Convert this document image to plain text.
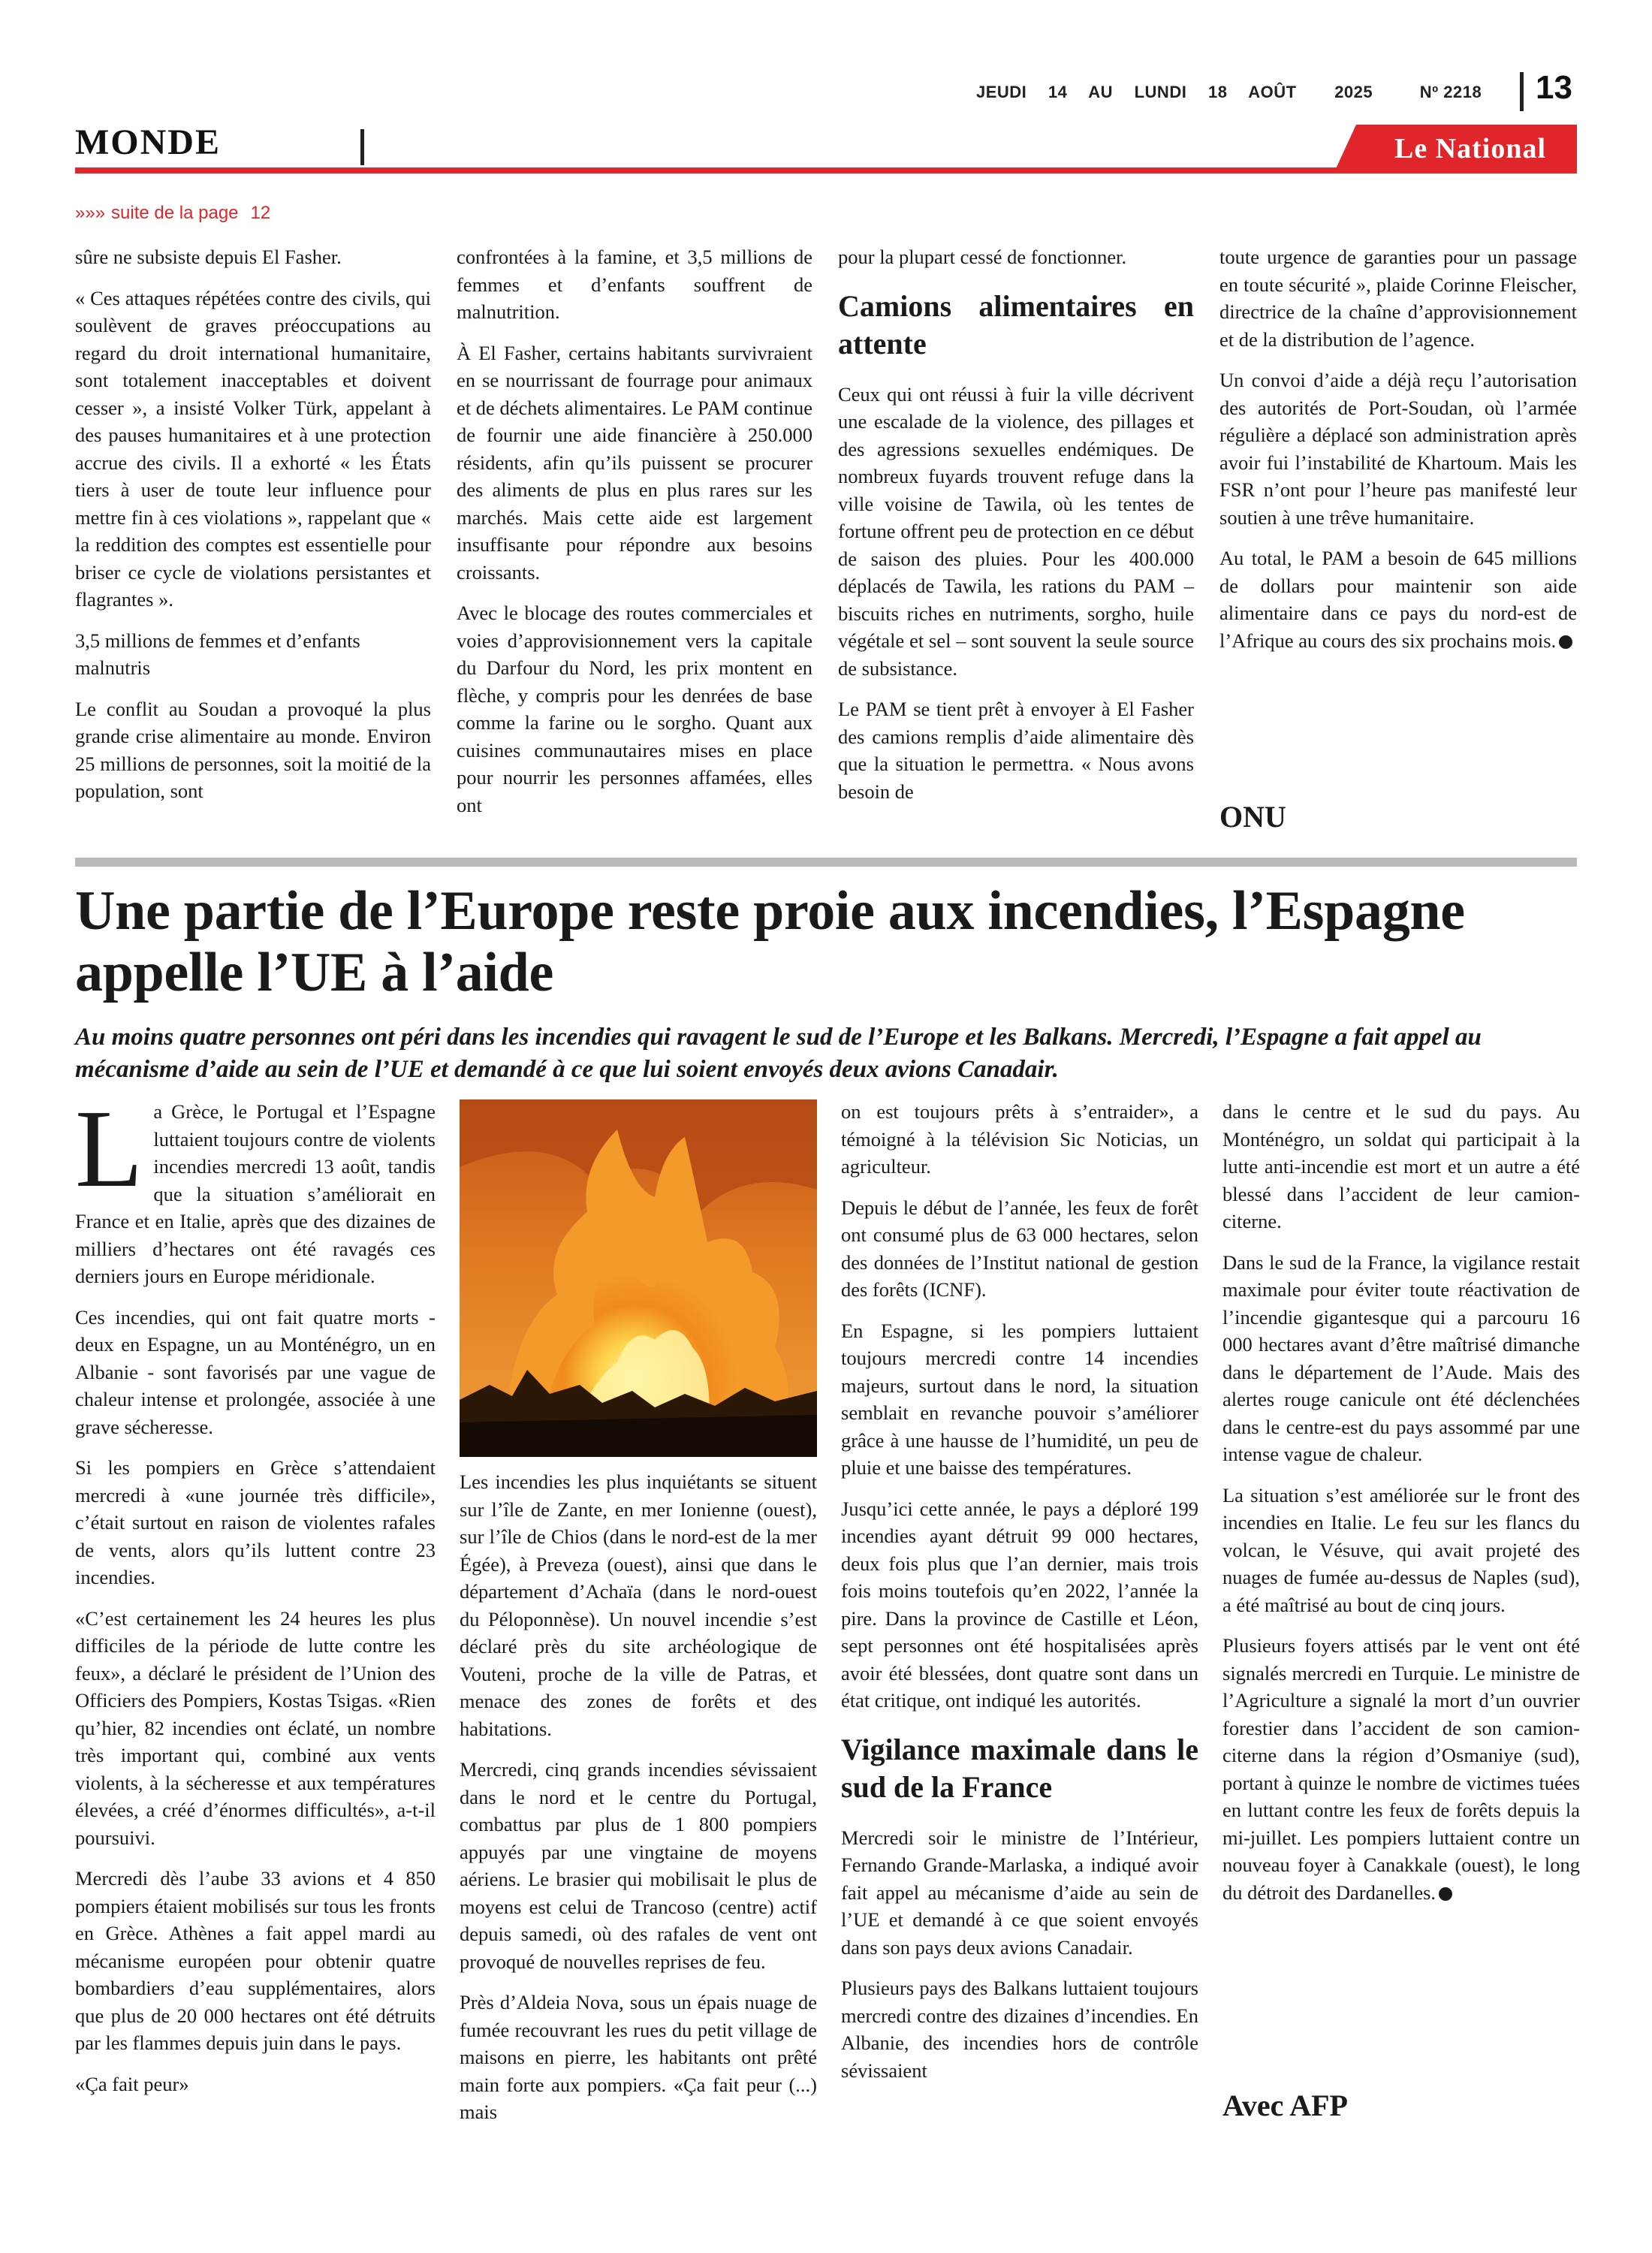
JEUDI 14 AU LUNDI 18 AOÛT 2025	Nº 2218	13
MONDE	Le National
»»» suite de la page 12

sûre ne subsiste depuis El Fasher.

« Ces attaques répétées contre des civils, qui soulèvent de graves préoccupations au regard du droit international humanitaire, sont totalement inacceptables et doivent cesser », a insisté Volker Türk, appelant à des pauses humanitaires et à une protection accrue des civils. Il a exhorté « les États tiers à user de toute leur influence pour mettre fin à ces violations », rappelant que « la reddition des comptes est essentielle pour briser ce cycle de violations persistantes et flagrantes ».

3,5 millions de femmes et d’enfants malnutris

Le conflit au Soudan a provoqué la plus grande crise alimentaire au monde. Environ 25 millions de personnes, soit la moitié de la population, sont

confrontées à la famine, et 3,5 millions de femmes et d’enfants souffrent de malnutrition.

À El Fasher, certains habitants survivraient en se nourrissant de fourrage pour animaux et de déchets alimentaires. Le PAM continue de fournir une aide financière à 250.000 résidents, afin qu’ils puissent se procurer des aliments de plus en plus rares sur les marchés. Mais cette aide est largement insuffisante pour répondre aux besoins croissants.

Avec le blocage des routes commerciales et voies d’approvisionnement vers la capitale du Darfour du Nord, les prix montent en flèche, y compris pour les denrées de base comme la farine ou le sorgho. Quant aux cuisines communautaires mises en place pour nourrir les personnes affamées, elles ont

pour la plupart cessé de fonctionner.

Camions alimentaires en attente

Ceux qui ont réussi à fuir la ville décrivent une escalade de la violence, des pillages et des agressions sexuelles endémiques. De nombreux fuyards trouvent refuge dans la ville voisine de Tawila, où les tentes de fortune offrent peu de protection en ce début de saison des pluies. Pour les 400.000 déplacés de Tawila, les rations du PAM – biscuits riches en nutriments, sorgho, huile végétale et sel – sont souvent la seule source de subsistance.

Le PAM se tient prêt à envoyer à El Fasher des camions remplis d’aide alimentaire dès que la situation le permettra. « Nous avons besoin de

toute urgence de garanties pour un passage en toute sécurité », plaide Corinne Fleischer, directrice de la chaîne d’approvisionnement et de la distribution de l’agence.

Un convoi d’aide a déjà reçu l’autorisation des autorités de Port-Soudan, où l’armée régulière a déplacé son administration après avoir fui l’instabilité de Khartoum. Mais les FSR n’ont pour l’heure pas manifesté leur soutien à une trêve humanitaire.

Au total, le PAM a besoin de 645 millions de dollars pour maintenir son aide alimentaire dans ce pays du nord-est de l’Afrique au cours des six prochains mois.

ONU
Une partie de l’Europe reste proie aux incendies, l’Espagne appelle l’UE à l’aide
Au moins quatre personnes ont péri dans les incendies qui ravagent le sud de l’Europe et les Balkans. Mercredi, l’Espagne a fait appel au mécanisme d’aide au sein de l’UE et demandé à ce que lui soient envoyés deux avions Canadair.

La Grèce, le Portugal et l’Espagne luttaient toujours contre de violents incendies mercredi 13 août, tandis que la situation s’améliorait en France et en Italie, après que des dizaines de milliers d’hectares ont été ravagés ces derniers jours en Europe méridionale.

Ces incendies, qui ont fait quatre morts - deux en Espagne, un au Monténégro, un en Albanie - sont favorisés par une vague de chaleur intense et prolongée, associée à une grave sécheresse.

Si les pompiers en Grèce s’attendaient mercredi à «une journée très difficile», c’était surtout en raison de violentes rafales de vents, alors qu’ils luttent contre 23 incendies.

«C’est certainement les 24 heures les plus difficiles de la période de lutte contre les feux», a déclaré le président de l’Union des Officiers des Pompiers, Kostas Tsigas. «Rien qu’hier, 82 incendies ont éclaté, un nombre très important qui, combiné aux vents violents, à la sécheresse et aux températures élevées, a créé d’énormes difficultés», a-t-il poursuivi.

Mercredi dès l’aube 33 avions et 4 850 pompiers étaient mobilisés sur tous les fronts en Grèce. Athènes a fait appel mardi au mécanisme européen pour obtenir quatre bombardiers d’eau supplémentaires, alors que plus de 20 000 hectares ont été détruits par les flammes depuis juin dans le pays.

«Ça fait peur»

Les incendies les plus inquiétants se situent sur l’île de Zante, en mer Ionienne (ouest), sur l’île de Chios (dans le nord-est de la mer Égée), à Preveza (ouest), ainsi que dans le département d’Achaïa (dans le nord-ouest du Péloponnèse). Un nouvel incendie s’est déclaré près du site archéologique de Vouteni, proche de la ville de Patras, et menace des zones de forêts et des habitations.

Mercredi, cinq grands incendies sévissaient dans le nord et le centre du Portugal, combattus par plus de 1 800 pompiers appuyés par une vingtaine de moyens aériens. Le brasier qui mobilisait le plus de moyens est celui de Trancoso (centre) actif depuis samedi, où des rafales de vent ont provoqué de nouvelles reprises de feu.

Près d’Aldeia Nova, sous un épais nuage de fumée recouvrant les rues du petit village de maisons en pierre, les habitants ont prêté main forte aux pompiers. «Ça fait peur (...) mais

on est toujours prêts à s’entraider», a témoigné à la télévision Sic Noticias, un agriculteur.

Depuis le début de l’année, les feux de forêt ont consumé plus de 63 000 hectares, selon des données de l’Institut national de gestion des forêts (ICNF).

En Espagne, si les pompiers luttaient toujours mercredi contre 14 incendies majeurs, surtout dans le nord, la situation semblait en revanche pouvoir s’améliorer grâce à une hausse de l’humidité, un peu de pluie et une baisse des températures.

Jusqu’ici cette année, le pays a déploré 199 incendies ayant détruit 99 000 hectares, deux fois plus que l’an dernier, mais trois fois moins toutefois qu’en 2022, l’année la pire. Dans la province de Castille et Léon, sept personnes ont été hospitalisées après avoir été blessées, dont quatre sont dans un état critique, ont indiqué les autorités.

Vigilance maximale dans le sud de la France

Mercredi soir le ministre de l’Intérieur, Fernando Grande-Marlaska, a indiqué avoir fait appel au mécanisme d’aide au sein de l’UE et demandé à ce que soient envoyés dans son pays deux avions Canadair.

Plusieurs pays des Balkans luttaient toujours mercredi contre des dizaines d’incendies. En Albanie, des incendies hors de contrôle sévissaient

dans le centre et le sud du pays. Au Monténégro, un soldat qui participait à la lutte anti-incendie est mort et un autre a été blessé dans l’accident de leur camion-citerne.

Dans le sud de la France, la vigilance restait maximale pour éviter toute réactivation de l’incendie gigantesque qui a parcouru 16 000 hectares avant d’être maîtrisé dimanche dans le département de l’Aude. Mais des alertes rouge canicule ont été déclenchées dans le centre-est du pays assommé par une intense vague de chaleur.

La situation s’est améliorée sur le front des incendies en Italie. Le feu sur les flancs du volcan, le Vésuve, qui avait projeté des nuages de fumée au-dessus de Naples (sud), a été maîtrisé au bout de cinq jours.

Plusieurs foyers attisés par le vent ont été signalés mercredi en Turquie. Le ministre de l’Agriculture a signalé la mort d’un ouvrier forestier dans l’accident de son camion-citerne dans la région d’Osmaniye (sud), portant à quinze le nombre de victimes tuées en luttant contre les feux de forêts depuis la mi-juillet. Les pompiers luttaient contre un nouveau foyer à Canakkale (ouest), le long du détroit des Dardanelles.

Avec AFP
